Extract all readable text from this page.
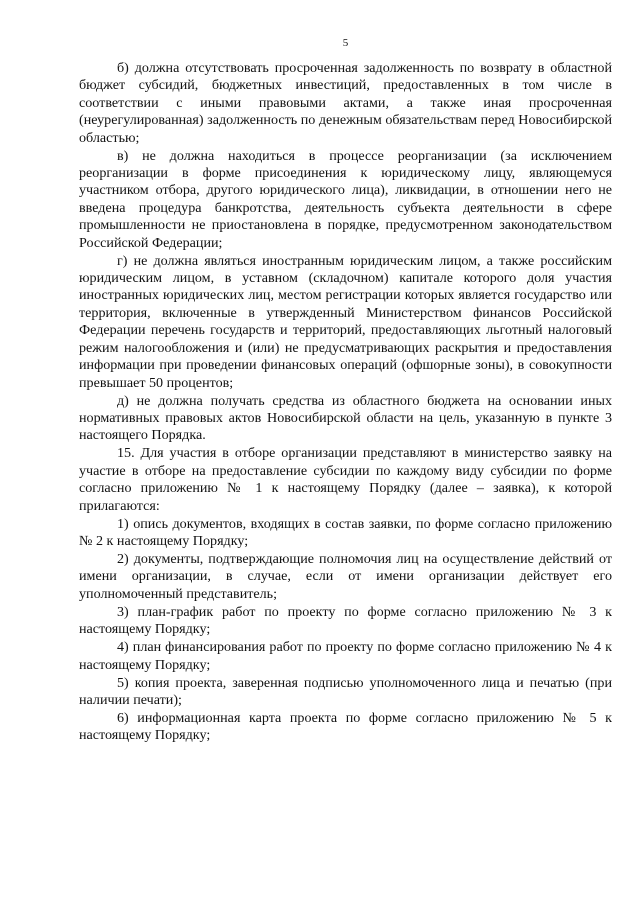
5

б) должна отсутствовать просроченная задолженность по возврату в областной бюджет субсидий, бюджетных инвестиций, предоставленных в том числе в соответствии с иными правовыми актами, а также иная просроченная (неурегулированная) задолженность по денежным обязательствам перед Новосибирской областью;

в) не должна находиться в процессе реорганизации (за исключением реорганизации в форме присоединения к юридическому лицу, являющемуся участником отбора, другого юридического лица), ликвидации, в отношении него не введена процедура банкротства, деятельность субъекта деятельности в сфере промышленности не приостановлена в порядке, предусмотренном законодательством Российской Федерации;

г) не должна являться иностранным юридическим лицом, а также российским юридическим лицом, в уставном (складочном) капитале которого доля участия иностранных юридических лиц, местом регистрации которых является государство или территория, включенные в утвержденный Министерством финансов Российской Федерации перечень государств и территорий, предоставляющих льготный налоговый режим налогообложения и (или) не предусматривающих раскрытия и предоставления информации при проведении финансовых операций (офшорные зоны), в совокупности превышает 50 процентов;

д) не должна получать средства из областного бюджета на основании иных нормативных правовых актов Новосибирской области на цель, указанную в пункте 3 настоящего Порядка.

15. Для участия в отборе организации представляют в министерство заявку на участие в отборе на предоставление субсидии по каждому виду субсидии по форме согласно приложению № 1 к настоящему Порядку (далее – заявка), к которой прилагаются:

1) опись документов, входящих в состав заявки, по форме согласно приложению № 2 к настоящему Порядку;

2) документы, подтверждающие полномочия лиц на осуществление действий от имени организации, в случае, если от имени организации действует его уполномоченный представитель;

3) план-график работ по проекту по форме согласно приложению № 3 к настоящему Порядку;

4) план финансирования работ по проекту по форме согласно приложению № 4 к настоящему Порядку;

5) копия проекта, заверенная подписью уполномоченного лица и печатью (при наличии печати);

6) информационная карта проекта по форме согласно приложению № 5 к настоящему Порядку;
